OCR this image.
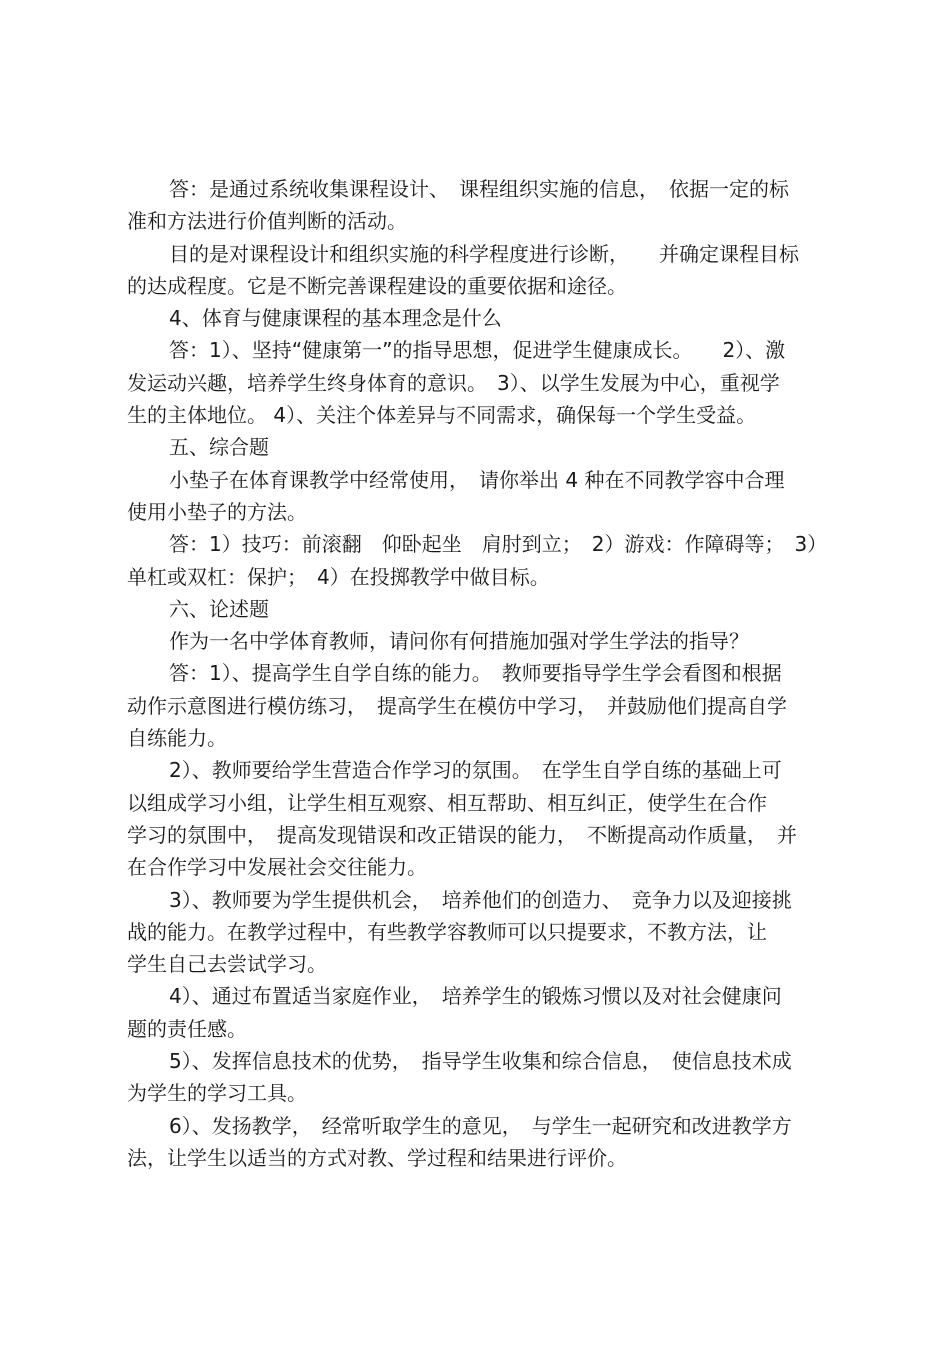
答：是通过系统收集课程设计、　课程组织实施的信息，　依据一定的标
准和方法进行价值判断的活动。
目的是对课程设计和组织实施的科学程度进行诊断，　　并确定课程目标
的达成程度。它是不断完善课程建设的重要依据和途径。
4、体育与健康课程的基本理念是什么
答：1）、坚持“健康第一”的指导思想，促进学生健康成长。　　2）、激
发运动兴趣，培养学生终身体育的意识。　3）、以学生发展为中心，重视学
生的主体地位。 4）、关注个体差异与不同需求，确保每一个学生受益。
五、综合题
小垫子在体育课教学中经常使用，　请你举出 4 种在不同教学容中合理
使用小垫子的方法。
答：1）技巧：前滚翻　仰卧起坐　肩肘到立；　2）游戏：作障碍等；　3）
单杠或双杠：保护；　4）在投掷教学中做目标。
六、论述题
作为一名中学体育教师，请问你有何措施加强对学生学法的指导？
答：1）、提高学生自学自练的能力。　教师要指导学生学会看图和根据
动作示意图进行模仿练习，　提高学生在模仿中学习，　并鼓励他们提高自学
自练能力。
2）、教师要给学生营造合作学习的氛围。　在学生自学自练的基础上可
以组成学习小组，让学生相互观察、相互帮助、相互纠正，使学生在合作
学习的氛围中，　提高发现错误和改正错误的能力，　不断提高动作质量，　并
在合作学习中发展社会交往能力。
3）、教师要为学生提供机会，　培养他们的创造力、　竞争力以及迎接挑
战的能力。在教学过程中，有些教学容教师可以只提要求，不教方法，让
学生自己去尝试学习。
4）、通过布置适当家庭作业，　培养学生的锻炼习惯以及对社会健康问
题的责任感。
5）、发挥信息技术的优势，　指导学生收集和综合信息，　使信息技术成
为学生的学习工具。
6）、发扬教学，　经常听取学生的意见，　与学生一起研究和改进教学方
法，让学生以适当的方式对教、学过程和结果进行评价。
